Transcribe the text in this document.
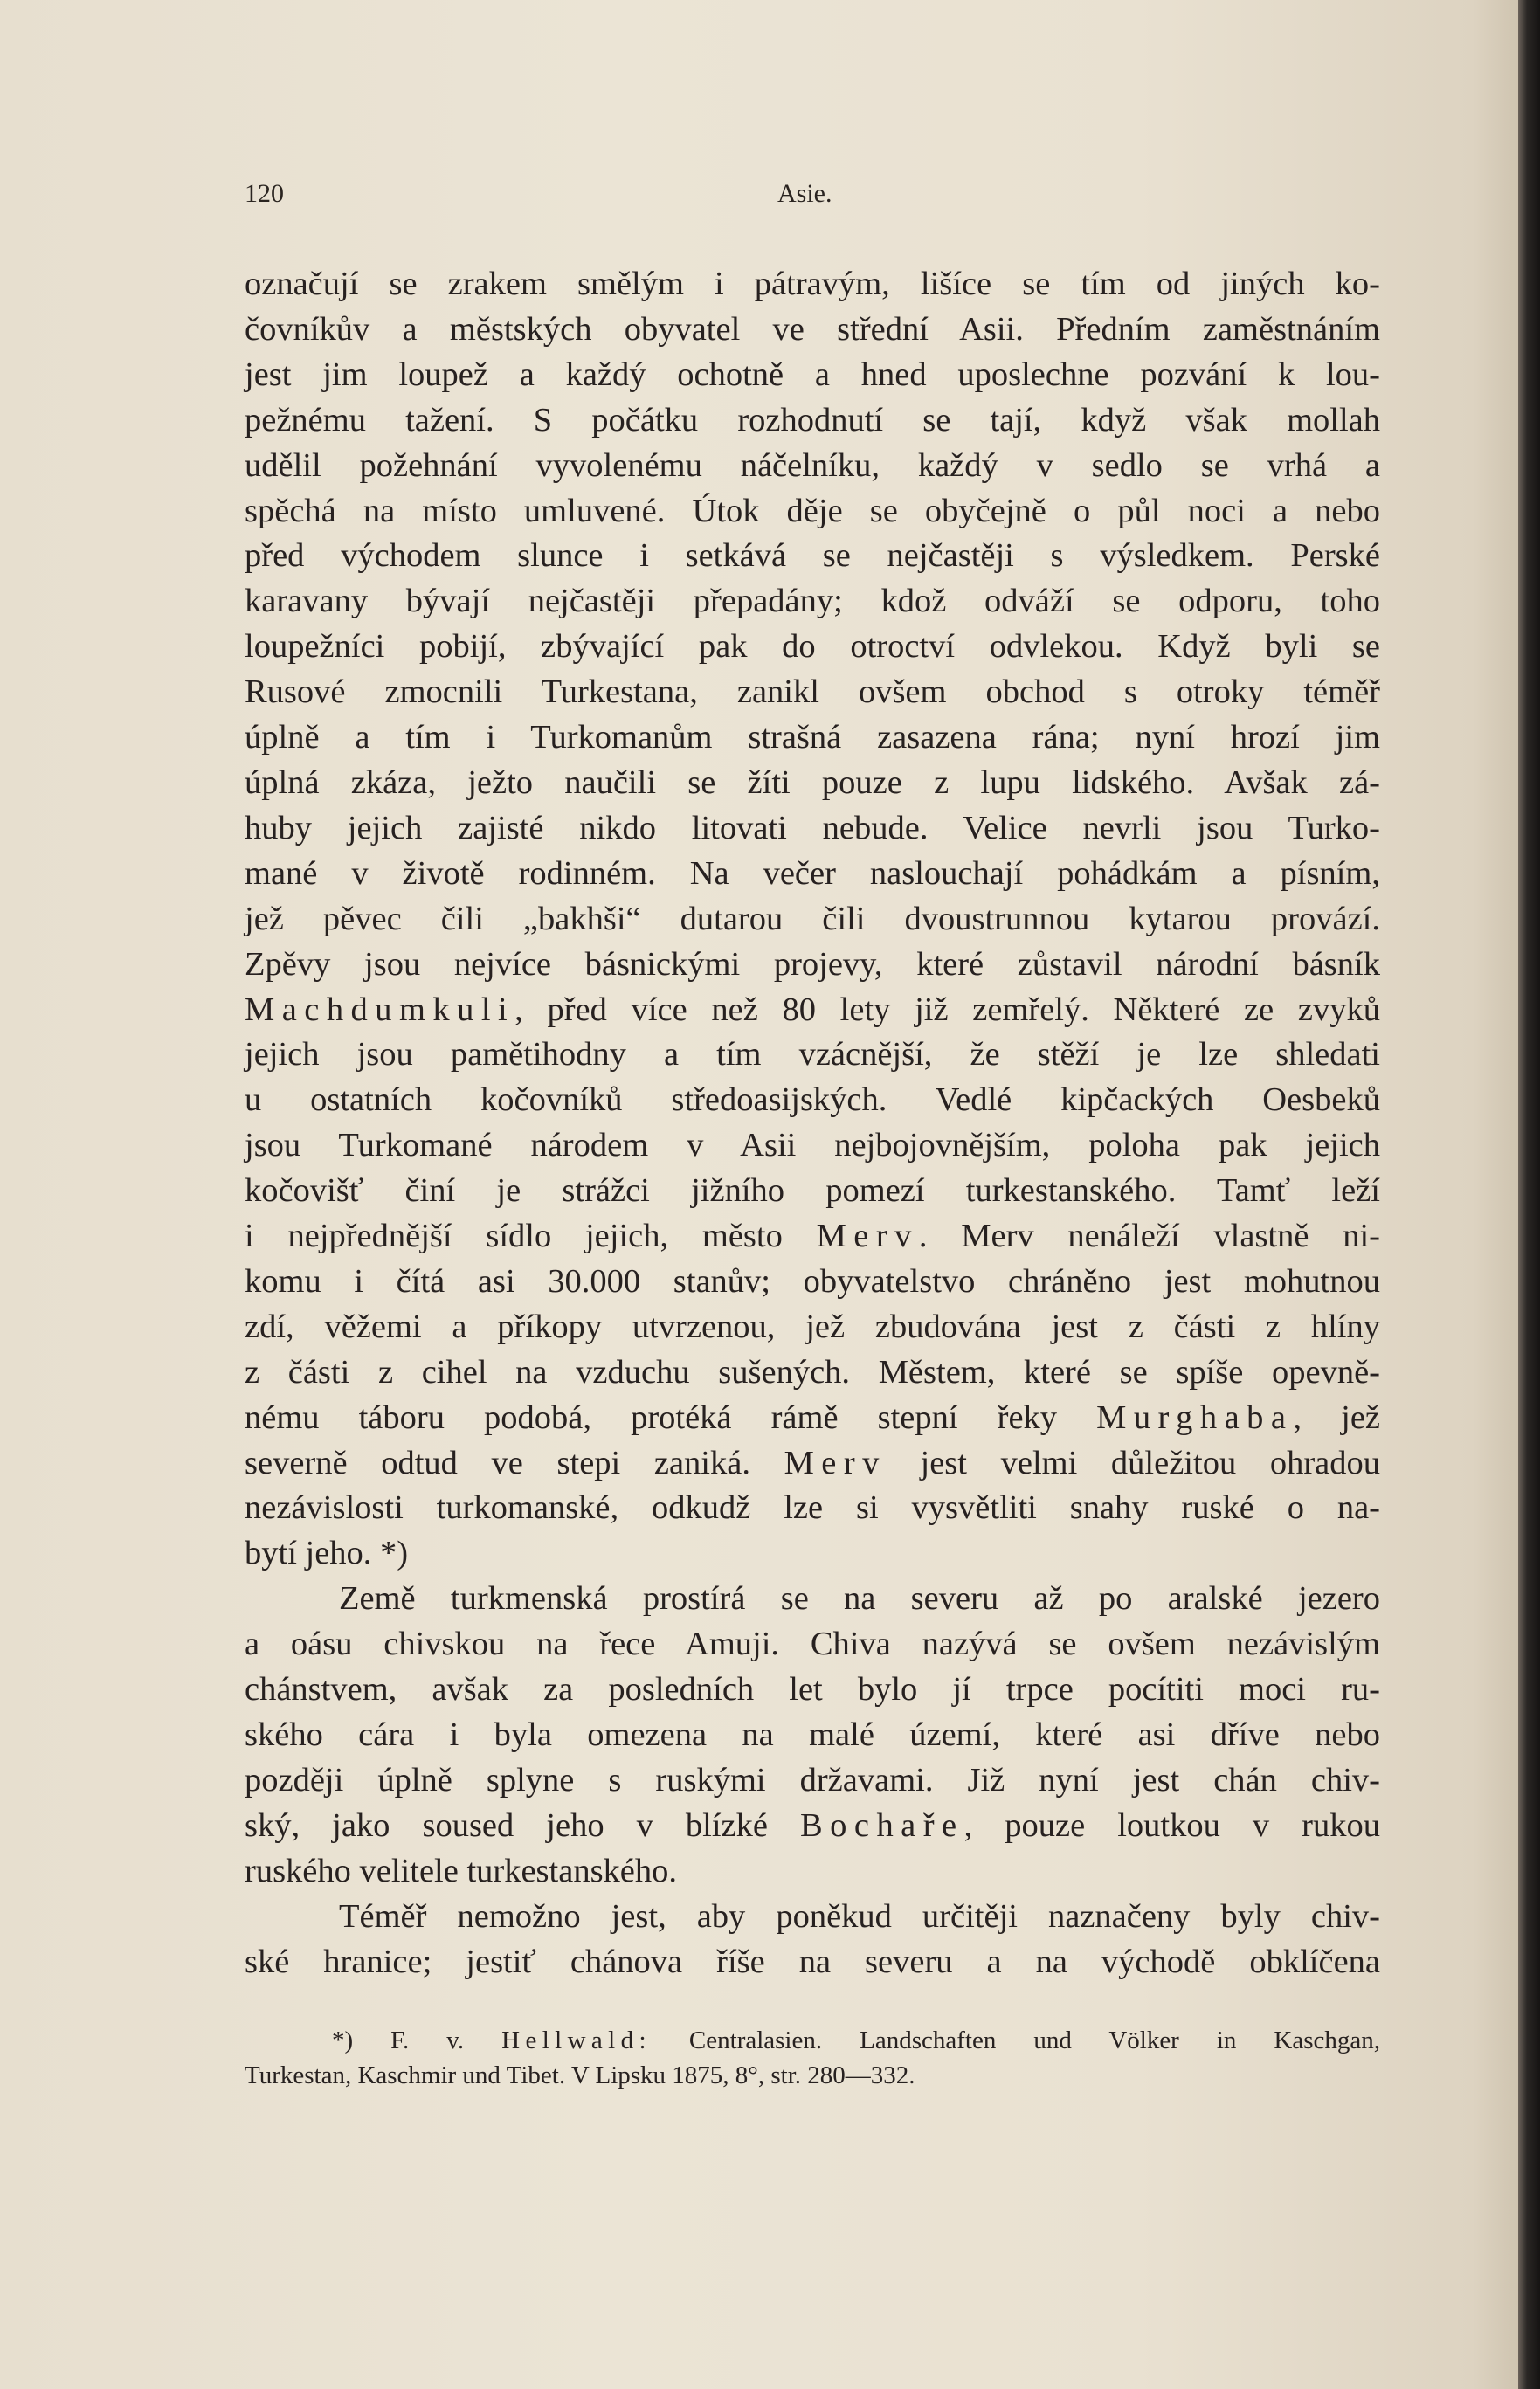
120	Asie.

označují se zrakem smělým i pátravým, lišíce se tím od jiných ko-

čovníkův a městských obyvatel ve střední Asii. Předním zaměstnáním

jest jim loupež a každý ochotně a hned uposlechne pozvání k lou-

pežnému tažení. S počátku rozhodnutí se tají, když však mollah

udělil požehnání vyvolenému náčelníku, každý v sedlo se vrhá a

spěchá na místo umluvené. Útok děje se obyčejně o půl noci a nebo

před východem slunce i setkává se nejčastěji s výsledkem. Perské

karavany bývají nejčastěji přepadány; kdož odváží se odporu, toho

loupežníci pobijí, zbývající pak do otroctví odvlekou. Když byli se

Rusové zmocnili Turkestana, zanikl ovšem obchod s otroky téměř

úplně a tím i Turkomanům strašná zasazena rána; nyní hrozí jim

úplná zkáza, ježto naučili se žíti pouze z lupu lidského. Avšak zá-

huby jejich zajisté nikdo litovati nebude. Velice nevrli jsou Turko-

mané v životě rodinném. Na večer naslouchají pohádkám a písním,

jež pěvec čili „bakhši“ dutarou čili dvoustrunnou kytarou provází.

Zpěvy jsou nejvíce básnickými projevy, které zůstavil národní básník

Machdumkuli, před více než 80 lety již zemřelý. Některé ze zvyků

jejich jsou pamětihodny a tím vzácnější, že stěží je lze shledati

u ostatních kočovníků středoasijských. Vedlé kipčackých Oesbeků

jsou Turkomané národem v Asii nejbojovnějším, poloha pak jejich

kočovišť činí je strážci jižního pomezí turkestanského. Tamť leží

i nejpřednější sídlo jejich, město Merv. Merv nenáleží vlastně ni-

komu i čítá asi 30.000 stanův; obyvatelstvo chráněno jest mohutnou

zdí, věžemi a příkopy utvrzenou, jež zbudována jest z části z hlíny

z části z cihel na vzduchu sušených. Městem, které se spíše opevně-

nému táboru podobá, protéká rámě stepní řeky Murghaba, jež

severně odtud ve stepi zaniká. Merv jest velmi důležitou ohradou

nezávislosti turkomanské, odkudž lze si vysvětliti snahy ruské o na-

bytí jeho. *)

Země turkmenská prostírá se na severu až po aralské jezero

a oásu chivskou na řece Amuji. Chiva nazývá se ovšem nezávislým

chánstvem, avšak za posledních let bylo jí trpce pocítiti moci ru-

ského cára i byla omezena na malé území, které asi dříve nebo

později úplně splyne s ruskými državami. Již nyní jest chán chiv-

ský, jako soused jeho v blízké Bochaře, pouze loutkou v rukou

ruského velitele turkestanského.

Téměř nemožno jest, aby poněkud určitěji naznačeny byly chiv-

ské hranice; jestiť chánova říše na severu a na východě obklíčena

*) F. v. Hellwald: Centralasien. Landschaften und Völker in Kaschgan,

Turkestan, Kaschmir und Tibet. V Lipsku 1875, 8°, str. 280—332.
